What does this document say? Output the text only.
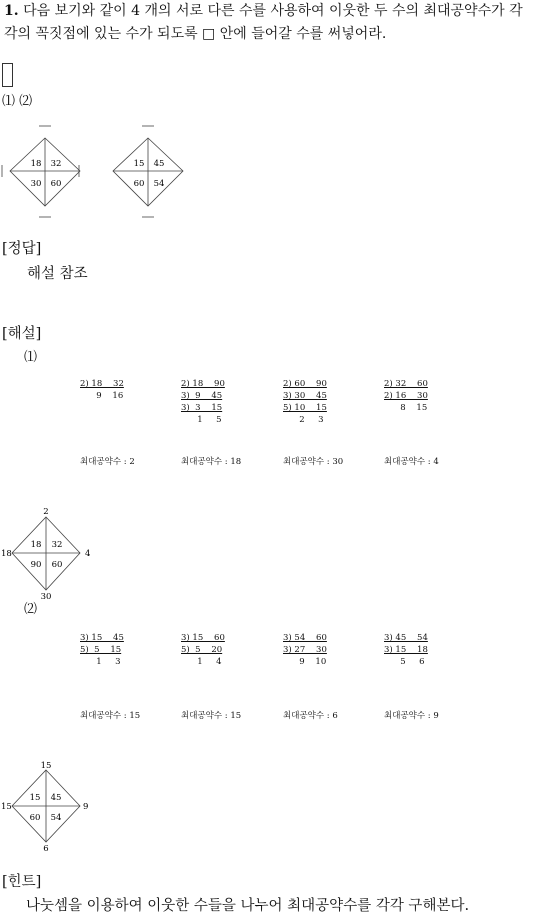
1. 다음 보기와 같이 4 개의 서로 다른 수를 사용하여 이웃한 두 수의 최대공약수가 각각의 꼭짓점에 있는 수가 되도록 □ 안에 들어갈 수를 써넣어라.
⑴ ⑵
18 32
30 60
15 45
60 54
[정답]
해설 참조
[해설]
⑴
2) 18    32
9    16
2) 18    90
3)  9    45
3)  3    15
1     5
2) 60    90
3) 30    45
5) 10    15
2     3
2) 32    60
2) 16    30
8    15
최대공약수 : 2	최대공약수 : 18	최대공약수 : 30	최대공약수 : 4
2
4
30
18
18 32
90 60
⑵
3) 15    45
5)  5    15
1     3
3) 15    60
5)  5    20
1     4
3) 54    60
3) 27    30
9    10
3) 45    54
3) 15    18
5     6
최대공약수 : 15	최대공약수 : 15	최대공약수 : 6	최대공약수 : 9
15
9
6
15
15 45
60 54
[힌트]
나눗셈을 이용하여 이웃한 수들을 나누어 최대공약수를 각각 구해본다.
